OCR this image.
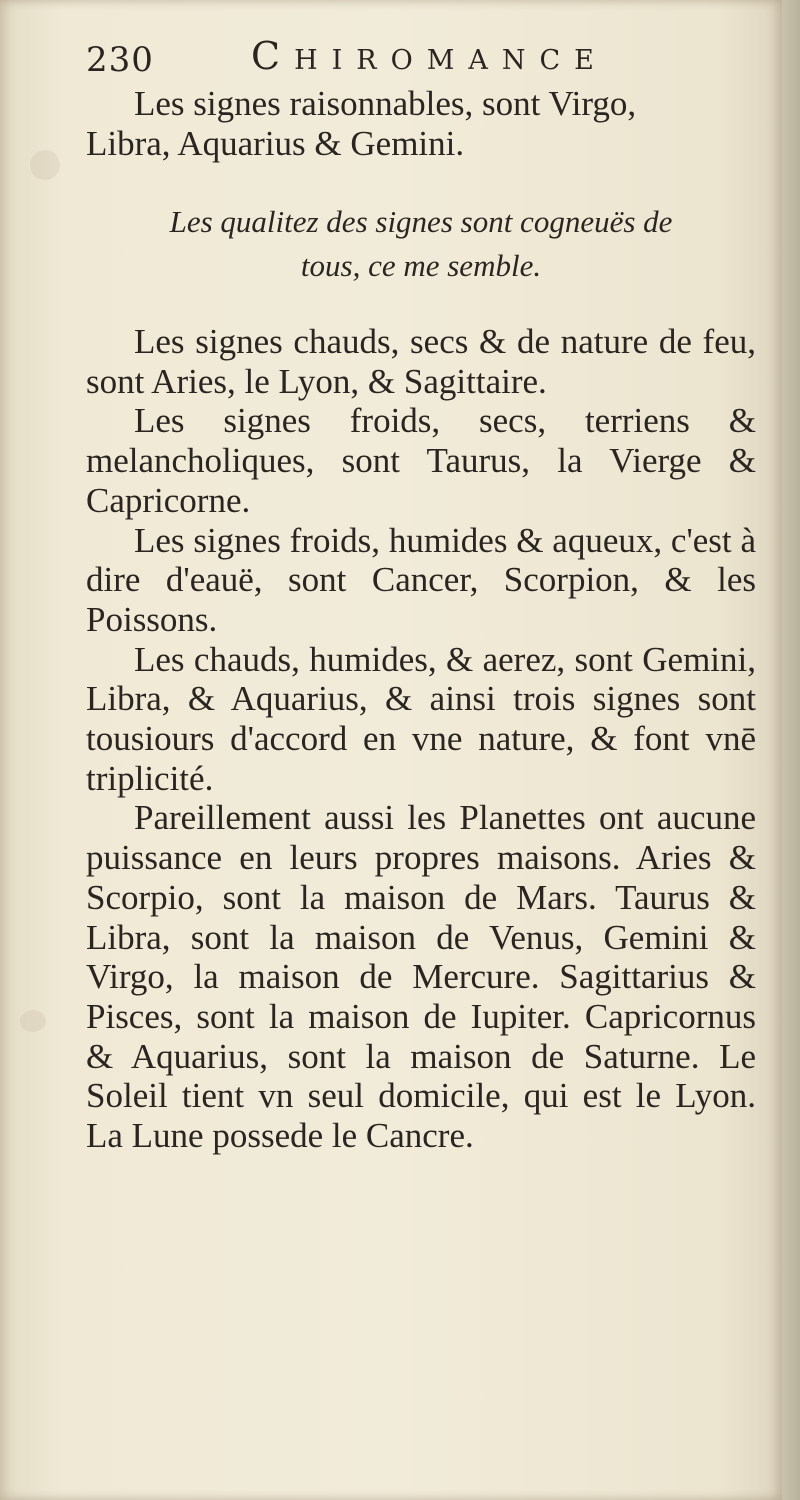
230	Chiromance
Les signes raisonnables, sont Virgo,
Libra, Aquarius & Gemini.
Les qualitez des signes sont cogneuës de
tous, ce me semble.

Les signes chauds, secs & de nature de feu, sont Aries, le Lyon, & Sagittaire.

Les signes froids, secs, terriens & melancholiques, sont Taurus, la Vierge & Capricorne.

Les signes froids, humides & aqueux, c'est à dire d'eauë, sont Cancer, Scorpion, & les Poissons.

Les chauds, humides, & aerez, sont Gemini, Libra, & Aquarius, & ainsi trois signes sont tousiours d'accord en vne nature, & font vnē triplicité.

Pareillement aussi les Planettes ont aucune puissance en leurs propres maisons. Aries & Scorpio, sont la maison de Mars. Taurus & Libra, sont la maison de Venus, Gemini & Virgo, la maison de Mercure. Sagittarius & Pisces, sont la maison de Iupiter. Capricornus & Aquarius, sont la maison de Saturne. Le Soleil tient vn seul domicile, qui est le Lyon. La Lune possede le Cancre.
